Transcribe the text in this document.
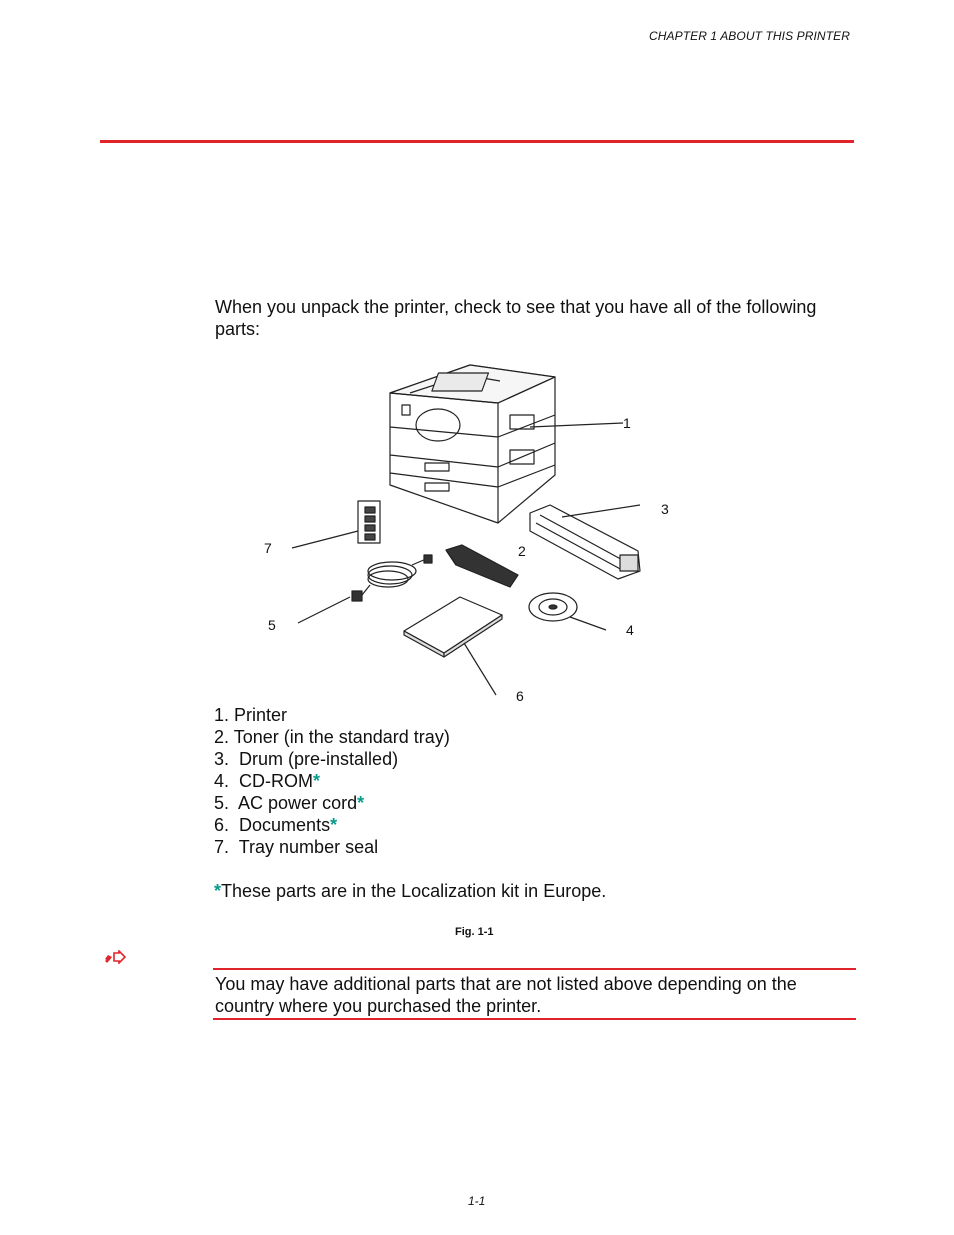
CHAPTER 1 ABOUT THIS PRINTER
When you unpack the printer, check to see that you have all of the following parts:
1
2
3
4
5
6
7
1. Printer
2. Toner (in the standard tray)
3. Drum (pre-installed)
4. CD-ROM*
5. AC power cord*
6. Documents*
7. Tray number seal
*These parts are in the Localization kit in Europe.
Fig. 1-1
You may have additional parts that are not listed above depending on the country where you purchased the printer.
1-1
